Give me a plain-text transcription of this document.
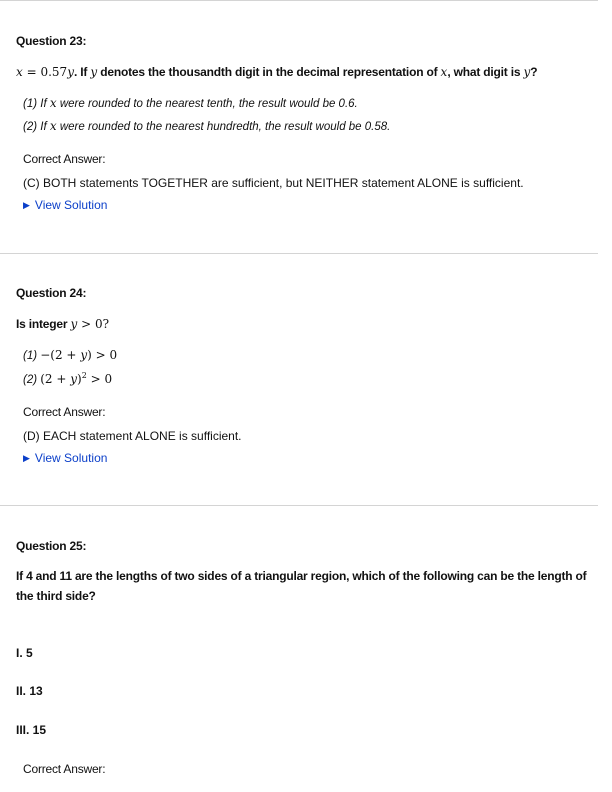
Question 23:
x = 0.57y. If y denotes the thousandth digit in the decimal representation of x, what digit is y?
(1) If x were rounded to the nearest tenth, the result would be 0.6.
(2) If x were rounded to the nearest hundredth, the result would be 0.58.
Correct Answer:
(C) BOTH statements TOGETHER are sufficient, but NEITHER statement ALONE is sufficient.
▶ View Solution
Question 24:
Is integer y > 0?
(1) −(2 + y) > 0
(2) $(2 + y)^2 > 0$
Correct Answer:
(D) EACH statement ALONE is sufficient.
▶ View Solution
Question 25:
If 4 and 11 are the lengths of two sides of a triangular region, which of the following can be the length of the third side?
I. 5
II. 13
III. 15
Correct Answer:
